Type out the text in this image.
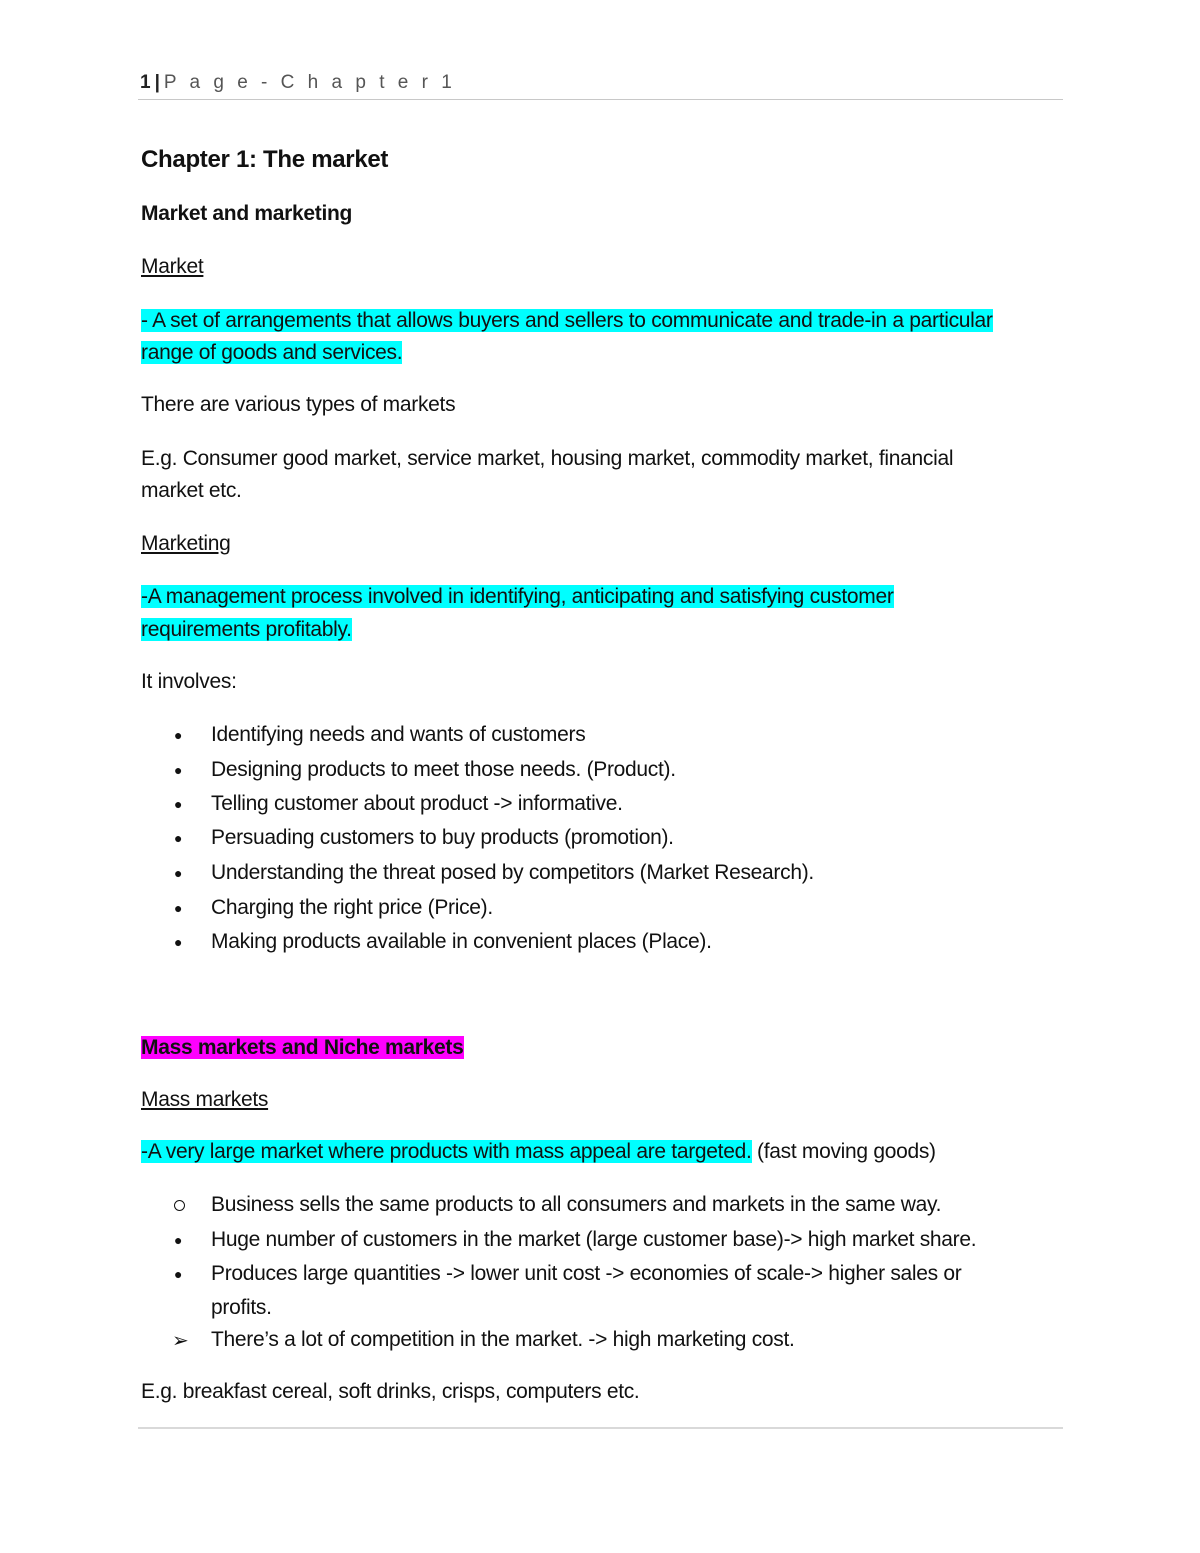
1 | P a g e - C h a p t e r 1
Chapter 1: The market
Market and marketing
Market
- A set of arrangements that allows buyers and sellers to communicate and trade-in a particular
range of goods and services.
There are various types of markets
E.g. Consumer good market, service market, housing market, commodity market, financial
market etc.
Marketing
-A management process involved in identifying, anticipating and satisfying customer
requirements profitably.
It involves:
● Identifying needs and wants of customers
● Designing products to meet those needs. (Product).
● Telling customer about product -> informative.
● Persuading customers to buy products (promotion).
● Understanding the threat posed by competitors (Market Research).
● Charging the right price (Price).
● Making products available in convenient places (Place).
Mass markets and Niche markets
Mass markets
-A very large market where products with mass appeal are targeted. (fast moving goods)
Business sells the same products to all consumers and markets in the same way.
● Huge number of customers in the market (large customer base)-> high market share.
● Produces large quantities -> lower unit cost -> economies of scale-> higher sales or
profits.
➢ There’s a lot of competition in the market. -> high marketing cost.
E.g. breakfast cereal, soft drinks, crisps, computers etc.
